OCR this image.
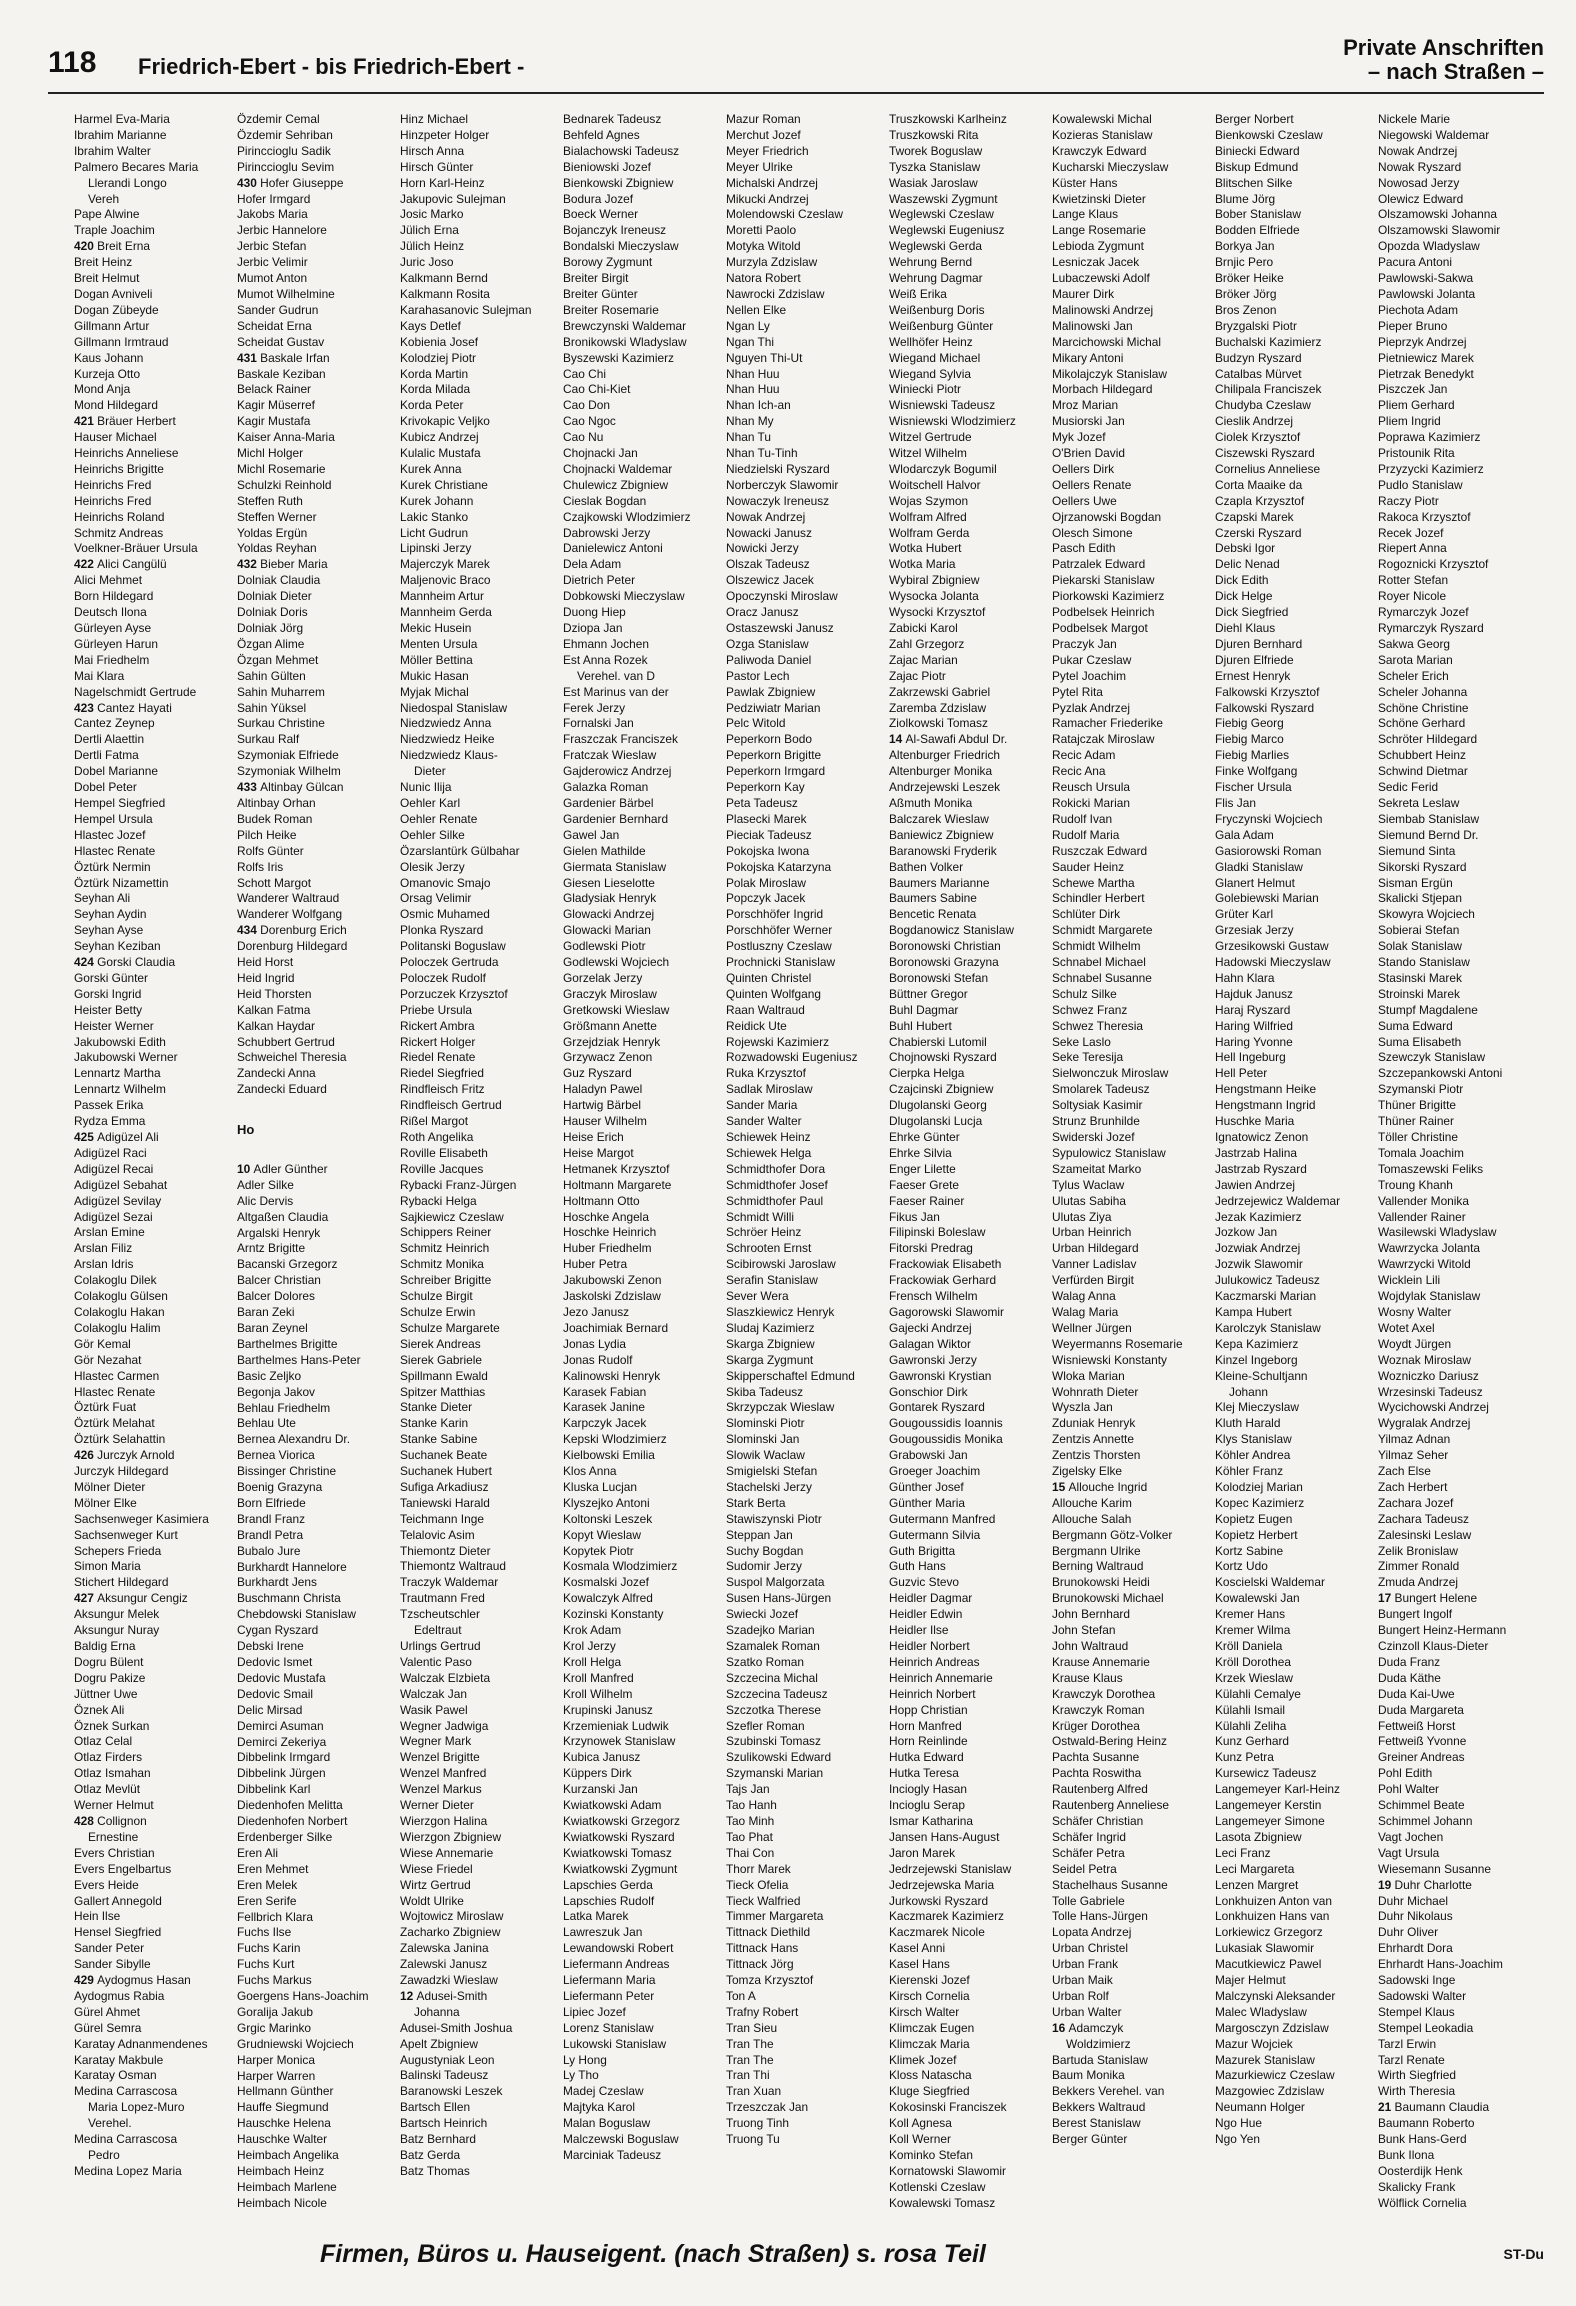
118 Friedrich-Ebert - bis Friedrich-Ebert -
Private Anschriften
– nach Straßen –
Harmel Eva-Maria
Ibrahim Marianne
Ibrahim Walter
Palmero Becares Maria
Llerandi Longo
Vereh
Pape Alwine
Traple Joachim
420 Breit Erna
Breit Heinz
Breit Helmut
Dogan Avniveli
Dogan Zübeyde
Gillmann Artur
Gillmann Irmtraud
Kaus Johann
Kurzeja Otto
Mond Anja
Mond Hildegard
421 Bräuer Herbert
Hauser Michael
Heinrichs Anneliese
Heinrichs Brigitte
Heinrichs Fred
Heinrichs Fred
Heinrichs Roland
Schmitz Andreas
Voelkner-Bräuer Ursula
422 Alici Cangülü
Alici Mehmet
Born Hildegard
Deutsch Ilona
Gürleyen Ayse
Gürleyen Harun
Mai Friedhelm
Mai Klara
Nagelschmidt Gertrude
423 Cantez Hayati
Cantez Zeynep
Dertli Alaettin
Dertli Fatma
Dobel Marianne
Dobel Peter
Hempel Siegfried
Hempel Ursula
Hlastec Jozef
Hlastec Renate
Öztürk Nermin
Öztürk Nizamettin
Seyhan Ali
Seyhan Aydin
Seyhan Ayse
Seyhan Keziban
424 Gorski Claudia
Gorski Günter
Gorski Ingrid
Heister Betty
Heister Werner
Jakubowski Edith
Jakubowski Werner
Lennartz Martha
Lennartz Wilhelm
Passek Erika
Rydza Emma
425 Adigüzel Ali
Adigüzel Raci
Adigüzel Recai
Adigüzel Sebahat
Adigüzel Sevilay
Adigüzel Sezai
Arslan Emine
Arslan Filiz
Arslan Idris
Colakoglu Dilek
Colakoglu Gülsen
Colakoglu Hakan
Colakoglu Halim
Gör Kemal
Gör Nezahat
Hlastec Carmen
Hlastec Renate
Öztürk Fuat
Öztürk Melahat
Öztürk Selahattin
426 Jurczyk Arnold
Jurczyk Hildegard
Mölner Dieter
Mölner Elke
Sachsenweger Kasimiera
Sachsenweger Kurt
Schepers Frieda
Simon Maria
Stichert Hildegard
427 Aksungur Cengiz
Aksungur Melek
Aksungur Nuray
Baldig Erna
Dogru Bülent
Dogru Pakize
Jüttner Uwe
Öznek Ali
Öznek Surkan
Otlaz Celal
Otlaz Firders
Otlaz Ismahan
Otlaz Mevlüt
Werner Helmut
428 Collignon
Ernestine
Evers Christian
Evers Engelbartus
Evers Heide
Gallert Annegold
Hein Ilse
Hensel Siegfried
Sander Peter
Sander Sibylle
429 Aydogmus Hasan
Aydogmus Rabia
Gürel Ahmet
Gürel Semra
Karatay Adnanmendenes
Karatay Makbule
Karatay Osman
Medina Carrascosa
Maria Lopez-Muro
Verehel.
Medina Carrascosa
Pedro
Medina Lopez Maria
Özdemir Cemal
Özdemir Sehriban
Pirinccioglu Sadik
Pirinccioglu Sevim
430 Hofer Giuseppe
Hofer Irmgard
Jakobs Maria
Jerbic Hannelore
Jerbic Stefan
Jerbic Velimir
Mumot Anton
Mumot Wilhelmine
Sander Gudrun
Scheidat Erna
Scheidat Gustav
431 Baskale Irfan
Baskale Keziban
Belack Rainer
Kagir Müserref
Kagir Mustafa
Kaiser Anna-Maria
Michl Holger
Michl Rosemarie
Schulzki Reinhold
Steffen Ruth
Steffen Werner
Yoldas Ergün
Yoldas Reyhan
432 Bieber Maria
Dolniak Claudia
Dolniak Dieter
Dolniak Doris
Dolniak Jörg
Özgan Alime
Özgan Mehmet
Sahin Gülten
Sahin Muharrem
Sahin Yüksel
Surkau Christine
Surkau Ralf
Szymoniak Elfriede
Szymoniak Wilhelm
433 Altinbay Gülcan
Altinbay Orhan
Budek Roman
Pilch Heike
Rolfs Günter
Rolfs Iris
Schott Margot
Wanderer Waltraud
Wanderer Wolfgang
434 Dorenburg Erich
Dorenburg Hildegard
Heid Horst
Heid Ingrid
Heid Thorsten
Kalkan Fatma
Kalkan Haydar
Schubbert Gertrud
Schweichel Theresia
Zandecki Anna
Zandecki Eduard

Ho

10 Adler Günther
Adler Silke
Alic Dervis
Altgaßen Claudia
Argalski Henryk
Arntz Brigitte
Bacanski Grzegorz
Balcer Christian
Balcer Dolores
Baran Zeki
Baran Zeynel
Barthelmes Brigitte
Barthelmes Hans-Peter
Basic Zeljko
Begonja Jakov
Behlau Friedhelm
Behlau Ute
Bernea Alexandru Dr.
Bernea Viorica
Bissinger Christine
Boenig Grazyna
Born Elfriede
Brandl Franz
Brandl Petra
Bubalo Jure
Burkhardt Hannelore
Burkhardt Jens
Buschmann Christa
Chebdowski Stanislaw
Cygan Ryszard
Debski Irene
Dedovic Ismet
Dedovic Mustafa
Dedovic Smail
Delic Mirsad
Demirci Asuman
Demirci Zekeriya
Dibbelink Irmgard
Dibbelink Jürgen
Dibbelink Karl
Diedenhofen Melitta
Diedenhofen Norbert
Erdenberger Silke
Eren Ali
Eren Mehmet
Eren Melek
Eren Serife
Fellbrich Klara
Fuchs Ilse
Fuchs Karin
Fuchs Kurt
Fuchs Markus
Goergens Hans-Joachim
Goralija Jakub
Grgic Marinko
Grudniewski Wojciech
Harper Monica
Harper Warren
Hellmann Günther
Hauffe Siegmund
Hauschke Helena
Hauschke Walter
Heimbach Angelika
Heimbach Heinz
Heimbach Marlene
Heimbach Nicole
Hinz Michael
Hinzpeter Holger
Hirsch Anna
Hirsch Günter
Horn Karl-Heinz
Jakupovic Sulejman
Josic Marko
Jülich Erna
Jülich Heinz
Juric Joso
Kalkmann Bernd
Kalkmann Rosita
Karahasanovic Sulejman
Kays Detlef
Kobienia Josef
Kolodziej Piotr
Korda Martin
Korda Milada
Korda Peter
Krivokapic Veljko
Kubicz Andrzej
Kulalic Mustafa
Kurek Anna
Kurek Christiane
Kurek Johann
Lakic Stanko
Licht Gudrun
Lipinski Jerzy
Majerczyk Marek
Maljenovic Braco
Mannheim Artur
Mannheim Gerda
Mekic Husein
Menten Ursula
Möller Bettina
Mukic Hasan
Myjak Michal
Niedospal Stanislaw
Niedzwiedz Anna
Niedzwiedz Heike
Niedzwiedz Klaus-
Dieter
Nunic Ilija
Oehler Karl
Oehler Renate
Oehler Silke
Özarslantürk Gülbahar
Olesik Jerzy
Omanovic Smajo
Orsag Velimir
Osmic Muhamed
Plonka Ryszard
Politanski Boguslaw
Poloczek Gertruda
Poloczek Rudolf
Porzuczek Krzysztof
Priebe Ursula
Rickert Ambra
Rickert Holger
Riedel Renate
Riedel Siegfried
Rindfleisch Fritz
Rindfleisch Gertrud
Rißel Margot
Roth Angelika
Roville Elisabeth
Roville Jacques
Rybacki Franz-Jürgen
Rybacki Helga
Sajkiewicz Czeslaw
Schippers Reiner
Schmitz Heinrich
Schmitz Monika
Schreiber Brigitte
Schulze Birgit
Schulze Erwin
Schulze Margarete
Sierek Andreas
Sierek Gabriele
Spillmann Ewald
Spitzer Matthias
Stanke Dieter
Stanke Karin
Stanke Sabine
Suchanek Beate
Suchanek Hubert
Sufiga Arkadiusz
Taniewski Harald
Teichmann Inge
Telalovic Asim
Thiemontz Dieter
Thiemontz Waltraud
Traczyk Waldemar
Trautmann Fred
Tzscheutschler
Edeltraut
Urlings Gertrud
Valentic Paso
Walczak Elzbieta
Walczak Jan
Wasik Pawel
Wegner Jadwiga
Wegner Mark
Wenzel Brigitte
Wenzel Manfred
Wenzel Markus
Werner Dieter
Wierzgon Halina
Wierzgon Zbigniew
Wiese Annemarie
Wiese Friedel
Wirtz Gertrud
Woldt Ulrike
Wojtowicz Miroslaw
Zacharko Zbigniew
Zalewska Janina
Zalewski Janusz
Zawadzki Wieslaw
12 Adusei-Smith
Johanna
Adusei-Smith Joshua
Apelt Zbigniew
Augustyniak Leon
Balinski Tadeusz
Baranowski Leszek
Bartsch Ellen
Bartsch Heinrich
Batz Bernhard
Batz Gerda
Batz Thomas
Bednarek Tadeusz
Behfeld Agnes
Bialachowski Tadeusz
Bieniowski Jozef
Bienkowski Zbigniew
Bodura Jozef
Boeck Werner
Bojanczyk Ireneusz
Bondalski Mieczyslaw
Borowy Zygmunt
Breiter Birgit
Breiter Günter
Breiter Rosemarie
Brewczynski Waldemar
Bronikowski Wladyslaw
Byszewski Kazimierz
Cao Chi
Cao Chi-Kiet
Cao Don
Cao Ngoc
Cao Nu
Chojnacki Jan
Chojnacki Waldemar
Chulewicz Zbigniew
Cieslak Bogdan
Czajkowski Wlodzimierz
Dabrowski Jerzy
Danielewicz Antoni
Dela Adam
Dietrich Peter
Dobkowski Mieczyslaw
Duong Hiep
Dziopa Jan
Ehmann Jochen
Est Anna Rozek
Verehel. van D
Est Marinus van der
Ferek Jerzy
Fornalski Jan
Fraszczak Franciszek
Fratczak Wieslaw
Gajderowicz Andrzej
Galazka Roman
Gardenier Bärbel
Gardenier Bernhard
Gawel Jan
Gielen Mathilde
Giermata Stanislaw
Giesen Lieselotte
Gladysiak Henryk
Glowacki Andrzej
Glowacki Marian
Godlewski Piotr
Godlewski Wojciech
Gorzelak Jerzy
Graczyk Miroslaw
Gretkowski Wieslaw
Größmann Anette
Grzejdziak Henryk
Grzywacz Zenon
Guz Ryszard
Haladyn Pawel
Hartwig Bärbel
Hauser Wilhelm
Heise Erich
Heise Margot
Hetmanek Krzysztof
Holtmann Margarete
Holtmann Otto
Hoschke Angela
Hoschke Heinrich
Huber Friedhelm
Huber Petra
Jakubowski Zenon
Jaskolski Zdzislaw
Jezo Janusz
Joachimiak Bernard
Jonas Lydia
Jonas Rudolf
Kalinowski Henryk
Karasek Fabian
Karasek Janine
Karpczyk Jacek
Kepski Wlodzimierz
Kielbowski Emilia
Klos Anna
Kluska Lucjan
Klyszejko Antoni
Koltonski Leszek
Kopyt Wieslaw
Kopytek Piotr
Kosmala Wlodzimierz
Kosmalski Jozef
Kowalczyk Alfred
Kozinski Konstanty
Krok Adam
Krol Jerzy
Kroll Helga
Kroll Manfred
Kroll Wilhelm
Krupinski Janusz
Krzemieniak Ludwik
Krzynowek Stanislaw
Kubica Janusz
Küppers Dirk
Kurzanski Jan
Kwiatkowski Adam
Kwiatkowski Grzegorz
Kwiatkowski Ryszard
Kwiatkowski Tomasz
Kwiatkowski Zygmunt
Lapschies Gerda
Lapschies Rudolf
Latka Marek
Lawreszuk Jan
Lewandowski Robert
Liefermann Andreas
Liefermann Maria
Liefermann Peter
Lipiec Jozef
Lorenz Stanislaw
Lukowski Stanislaw
Ly Hong
Ly Tho
Madej Czeslaw
Majtyka Karol
Malan Boguslaw
Malczewski Boguslaw
Marciniak Tadeusz
Mazur Roman
Merchut Jozef
Meyer Friedrich
Meyer Ulrike
Michalski Andrzej
Mikucki Andrzej
Molendowski Czeslaw
Moretti Paolo
Motyka Witold
Murzyla Zdzislaw
Natora Robert
Nawrocki Zdzislaw
Nellen Elke
Ngan Ly
Ngan Thi
Nguyen Thi-Ut
Nhan Huu
Nhan Huu
Nhan Ich-an
Nhan My
Nhan Tu
Nhan Tu-Tinh
Niedzielski Ryszard
Norberczyk Slawomir
Nowaczyk Ireneusz
Nowak Andrzej
Nowacki Janusz
Nowicki Jerzy
Olszak Tadeusz
Olszewicz Jacek
Opoczynski Miroslaw
Oracz Janusz
Ostaszewski Janusz
Ozga Stanislaw
Paliwoda Daniel
Pastor Lech
Pawlak Zbigniew
Pedziwiatr Marian
Pelc Witold
Peperkorn Bodo
Peperkorn Brigitte
Peperkorn Irmgard
Peperkorn Kay
Peta Tadeusz
Plasecki Marek
Pieciak Tadeusz
Pokojska Iwona
Pokojska Katarzyna
Polak Miroslaw
Popczyk Jacek
Porschhöfer Ingrid
Porschhöfer Werner
Postluszny Czeslaw
Prochnicki Stanislaw
Quinten Christel
Quinten Wolfgang
Raan Waltraud
Reidick Ute
Rojewski Kazimierz
Rozwadowski Eugeniusz
Ruka Krzysztof
Sadlak Miroslaw
Sander Maria
Sander Walter
Schiewek Heinz
Schiewek Helga
Schmidthofer Dora
Schmidthofer Josef
Schmidthofer Paul
Schmidt Willi
Schröer Heinz
Schrooten Ernst
Scibirowski Jaroslaw
Serafin Stanislaw
Sever Wera
Slaszkiewicz Henryk
Sludaj Kazimierz
Skarga Zbigniew
Skarga Zygmunt
Skipperschaftel Edmund
Skiba Tadeusz
Skrzypczak Wieslaw
Slominski Piotr
Slominski Jan
Slowik Waclaw
Smigielski Stefan
Stachelski Jerzy
Stark Berta
Stawiszynski Piotr
Steppan Jan
Suchy Bogdan
Sudomir Jerzy
Suspol Malgorzata
Susen Hans-Jürgen
Swiecki Jozef
Szadejko Marian
Szamalek Roman
Szatko Roman
Szczecina Michal
Szczecina Tadeusz
Szczotka Therese
Szefler Roman
Szubinski Tomasz
Szulikowski Edward
Szymanski Marian
Tajs Jan
Tao Hanh
Tao Minh
Tao Phat
Thai Con
Thorr Marek
Tieck Ofelia
Tieck Walfried
Timmer Margareta
Tittnack Diethild
Tittnack Hans
Tittnack Jörg
Tomza Krzysztof
Ton A
Trafny Robert
Tran Sieu
Tran The
Tran The
Tran Thi
Tran Xuan
Trzeszczak Jan
Truong Tinh
Truong Tu
Truszkowski Karlheinz
Truszkowski Rita
Tworek Boguslaw
Tyszka Stanislaw
Wasiak Jaroslaw
Waszewski Zygmunt
Weglewski Czeslaw
Weglewski Eugeniusz
Weglewski Gerda
Wehrung Bernd
Wehrung Dagmar
Weiß Erika
Weißenburg Doris
Weißenburg Günter
Wellhöfer Heinz
Wiegand Michael
Wiegand Sylvia
Winiecki Piotr
Wisniewski Tadeusz
Wisniewski Wlodzimierz
Witzel Gertrude
Witzel Wilhelm
Wlodarczyk Bogumil
Woitschell Halvor
Wojas Szymon
Wolfram Alfred
Wolfram Gerda
Wotka Hubert
Wotka Maria
Wybiral Zbigniew
Wysocka Jolanta
Wysocki Krzysztof
Zabicki Karol
Zahl Grzegorz
Zajac Marian
Zajac Piotr
Zakrzewski Gabriel
Zaremba Zdzislaw
Ziolkowski Tomasz
14 Al-Sawafi Abdul Dr.
Altenburger Friedrich
Altenburger Monika
Andrzejewski Leszek
Aßmuth Monika
Balczarek Wieslaw
Baniewicz Zbigniew
Baranowski Fryderik
Bathen Volker
Baumers Marianne
Baumers Sabine
Bencetic Renata
Bogdanowicz Stanislaw
Boronowski Christian
Boronowski Grazyna
Boronowski Stefan
Büttner Gregor
Buhl Dagmar
Buhl Hubert
Chabierski Lutomil
Chojnowski Ryszard
Cierpka Helga
Czajcinski Zbigniew
Dlugolanski Georg
Dlugolanski Lucja
Ehrke Günter
Ehrke Silvia
Enger Lilette
Faeser Grete
Faeser Rainer
Fikus Jan
Filipinski Boleslaw
Fitorski Predrag
Frackowiak Elisabeth
Frackowiak Gerhard
Frensch Wilhelm
Gagorowski Slawomir
Gajecki Andrzej
Galagan Wiktor
Gawronski Jerzy
Gawronski Krystian
Gonschior Dirk
Gontarek Ryszard
Gougoussidis Ioannis
Gougoussidis Monika
Grabowski Jan
Groeger Joachim
Günther Josef
Günther Maria
Gutermann Manfred
Gutermann Silvia
Guth Brigitta
Guth Hans
Guzvic Stevo
Heidler Dagmar
Heidler Edwin
Heidler Ilse
Heidler Norbert
Heinrich Andreas
Heinrich Annemarie
Heinrich Norbert
Hopp Christian
Horn Manfred
Horn Reinlinde
Hutka Edward
Hutka Teresa
Inciogly Hasan
Incioglu Serap
Ismar Katharina
Jansen Hans-August
Jaron Marek
Jedrzejewski Stanislaw
Jedrzejewska Maria
Jurkowski Ryszard
Kaczmarek Kazimierz
Kaczmarek Nicole
Kasel Anni
Kasel Hans
Kierenski Jozef
Kirsch Cornelia
Kirsch Walter
Klimczak Eugen
Klimczak Maria
Klimek Jozef
Kloss Natascha
Kluge Siegfried
Kokosinski Franciszek
Koll Agnesa
Koll Werner
Kominko Stefan
Kornatowski Slawomir
Kotlenski Czeslaw
Kowalewski Tomasz
Kowalewski Michal
Kozieras Stanislaw
Krawczyk Edward
Kucharski Mieczyslaw
Küster Hans
Kwietzinski Dieter
Lange Klaus
Lange Rosemarie
Lebioda Zygmunt
Lesniczak Jacek
Lubaczewski Adolf
Maurer Dirk
Malinowski Andrzej
Malinowski Jan
Marcichowski Michal
Mikary Antoni
Mikolajczyk Stanislaw
Morbach Hildegard
Mroz Marian
Musiorski Jan
Myk Jozef
O'Brien David
Oellers Dirk
Oellers Renate
Oellers Uwe
Ojrzanowski Bogdan
Olesch Simone
Pasch Edith
Patrzalek Edward
Piekarski Stanislaw
Piorkowski Kazimierz
Podbelsek Heinrich
Podbelsek Margot
Praczyk Jan
Pukar Czeslaw
Pytel Joachim
Pytel Rita
Pyzlak Andrzej
Ramacher Friederike
Ratajczak Miroslaw
Recic Adam
Recic Ana
Reusch Ursula
Rokicki Marian
Rudolf Ivan
Rudolf Maria
Ruszczak Edward
Sauder Heinz
Schewe Martha
Schindler Herbert
Schlüter Dirk
Schmidt Margarete
Schmidt Wilhelm
Schnabel Michael
Schnabel Susanne
Schulz Silke
Schwez Franz
Schwez Theresia
Seke Laslo
Seke Teresija
Sielwonczuk Miroslaw
Smolarek Tadeusz
Soltysiak Kasimir
Strunz Brunhilde
Swiderski Jozef
Sypulowicz Stanislaw
Szameitat Marko
Tylus Waclaw
Ulutas Sabiha
Ulutas Ziya
Urban Heinrich
Urban Hildegard
Vanner Ladislav
Verfürden Birgit
Walag Anna
Walag Maria
Wellner Jürgen
Weyermanns Rosemarie
Wisniewski Konstanty
Wloka Marian
Wohnrath Dieter
Wyszla Jan
Zduniak Henryk
Zentzis Annette
Zentzis Thorsten
Zigelsky Elke
15 Allouche Ingrid
Allouche Karim
Allouche Salah
Bergmann Götz-Volker
Bergmann Ulrike
Berning Waltraud
Brunokowski Heidi
Brunokowski Michael
John Bernhard
John Stefan
John Waltraud
Krause Annemarie
Krause Klaus
Krawczyk Dorothea
Krawczyk Roman
Krüger Dorothea
Ostwald-Bering Heinz
Pachta Susanne
Pachta Roswitha
Rautenberg Alfred
Rautenberg Anneliese
Schäfer Christian
Schäfer Ingrid
Schäfer Petra
Seidel Petra
Stachelhaus Susanne
Tolle Gabriele
Tolle Hans-Jürgen
Lopata Andrzej
Urban Christel
Urban Frank
Urban Maik
Urban Rolf
Urban Walter
16 Adamczyk
Woldzimierz
Bartuda Stanislaw
Baum Monika
Bekkers Verehel. van
Bekkers Waltraud
Berest Stanislaw
Berger Günter
Berger Norbert
Bienkowski Czeslaw
Biniecki Edward
Biskup Edmund
Blitschen Silke
Blume Jörg
Bober Stanislaw
Bodden Elfriede
Borkya Jan
Brnjic Pero
Bröker Heike
Bröker Jörg
Bros Zenon
Bryzgalski Piotr
Buchalski Kazimierz
Budzyn Ryszard
Catalbas Mürvet
Chilipala Franciszek
Chudyba Czeslaw
Cieslik Andrzej
Ciolek Krzysztof
Ciszewski Ryszard
Cornelius Anneliese
Corta Maaike da
Czapla Krzysztof
Czapski Marek
Czerski Ryszard
Debski Igor
Delic Nenad
Dick Edith
Dick Helge
Dick Siegfried
Diehl Klaus
Djuren Bernhard
Djuren Elfriede
Ernest Henryk
Falkowski Krzysztof
Falkowski Ryszard
Fiebig Georg
Fiebig Marco
Fiebig Marlies
Finke Wolfgang
Fischer Ursula
Flis Jan
Fryczynski Wojciech
Gala Adam
Gasiorowski Roman
Gladki Stanislaw
Glanert Helmut
Golebiewski Marian
Grüter Karl
Grzesiak Jerzy
Grzesikowski Gustaw
Hadowski Mieczyslaw
Hahn Klara
Hajduk Janusz
Haraj Ryszard
Haring Wilfried
Haring Yvonne
Hell Ingeburg
Hell Peter
Hengstmann Heike
Hengstmann Ingrid
Huschke Maria
Ignatowicz Zenon
Jastrzab Halina
Jastrzab Ryszard
Jawien Andrzej
Jedrzejewicz Waldemar
Jezak Kazimierz
Jozkow Jan
Jozwiak Andrzej
Jozwik Slawomir
Julukowicz Tadeusz
Kaczmarski Marian
Kampa Hubert
Karolczyk Stanislaw
Kepa Kazimierz
Kinzel Ingeborg
Kleine-Schultjann
Johann
Klej Mieczyslaw
Kluth Harald
Klys Stanislaw
Köhler Andrea
Köhler Franz
Kolodziej Marian
Kopec Kazimierz
Kopietz Eugen
Kopietz Herbert
Kortz Sabine
Kortz Udo
Koscielski Waldemar
Kowalewski Jan
Kremer Hans
Kremer Wilma
Kröll Daniela
Kröll Dorothea
Krzek Wieslaw
Külahli Cemalye
Külahli Ismail
Külahli Zeliha
Kunz Gerhard
Kunz Petra
Kursewicz Tadeusz
Langemeyer Karl-Heinz
Langemeyer Kerstin
Langemeyer Simone
Lasota Zbigniew
Leci Franz
Leci Margareta
Lenzen Margret
Lonkhuizen Anton van
Lonkhuizen Hans van
Lorkiewicz Grzegorz
Lukasiak Slawomir
Macutkiewicz Pawel
Majer Helmut
Malczynski Aleksander
Malec Wladyslaw
Margosczyn Zdzislaw
Mazur Wojciek
Mazurek Stanislaw
Mazurkiewicz Czeslaw
Mazgowiec Zdzislaw
Neumann Holger
Ngo Hue
Ngo Yen
Nickele Marie
Niegowski Waldemar
Nowak Andrzej
Nowak Ryszard
Nowosad Jerzy
Olewicz Edward
Olszamowski Johanna
Olszamowski Slawomir
Opozda Wladyslaw
Pacura Antoni
Pawlowski-Sakwa
Pawlowski Jolanta
Piechota Adam
Pieper Bruno
Pieprzyk Andrzej
Pietniewicz Marek
Pietrzak Benedykt
Piszczek Jan
Pliem Gerhard
Pliem Ingrid
Poprawa Kazimierz
Pristounik Rita
Przyzycki Kazimierz
Pudlo Stanislaw
Raczy Piotr
Rakoca Krzysztof
Recek Jozef
Riepert Anna
Rogoznicki Krzysztof
Rotter Stefan
Royer Nicole
Rymarczyk Jozef
Rymarczyk Ryszard
Sakwa Georg
Sarota Marian
Scheler Erich
Scheler Johanna
Schöne Christine
Schöne Gerhard
Schröter Hildegard
Schubbert Heinz
Schwind Dietmar
Sedic Ferid
Sekreta Leslaw
Siembab Stanislaw
Siemund Bernd Dr.
Siemund Sinta
Sikorski Ryszard
Sisman Ergün
Skalicki Stjepan
Skowyra Wojciech
Sobierai Stefan
Solak Stanislaw
Stando Stanislaw
Stasinski Marek
Stroinski Marek
Stumpf Magdalene
Suma Edward
Suma Elisabeth
Szewczyk Stanislaw
Szczepankowski Antoni
Szymanski Piotr
Thüner Brigitte
Thüner Rainer
Töller Christine
Tomala Joachim
Tomaszewski Feliks
Troung Khanh
Vallender Monika
Vallender Rainer
Wasilewski Wladyslaw
Wawrzycka Jolanta
Wawrzycki Witold
Wicklein Lili
Wojdylak Stanislaw
Wosny Walter
Wotet Axel
Woydt Jürgen
Woznak Miroslaw
Wozniczko Dariusz
Wrzesinski Tadeusz
Wycichowski Andrzej
Wygralak Andrzej
Yilmaz Adnan
Yilmaz Seher
Zach Else
Zach Herbert
Zachara Jozef
Zachara Tadeusz
Zalesinski Leslaw
Zelik Bronislaw
Zimmer Ronald
Zmuda Andrzej
17 Bungert Helene
Bungert Ingolf
Bungert Heinz-Hermann
Czinzoll Klaus-Dieter
Duda Franz
Duda Käthe
Duda Kai-Uwe
Duda Margareta
Fettweiß Horst
Fettweiß Yvonne
Greiner Andreas
Pohl Edith
Pohl Walter
Schimmel Beate
Schimmel Johann
Vagt Jochen
Vagt Ursula
Wiesemann Susanne
19 Duhr Charlotte
Duhr Michael
Duhr Nikolaus
Duhr Oliver
Ehrhardt Dora
Ehrhardt Hans-Joachim
Sadowski Inge
Sadowski Walter
Stempel Klaus
Stempel Leokadia
Tarzl Erwin
Tarzl Renate
Wirth Siegfried
Wirth Theresia
21 Baumann Claudia
Baumann Roberto
Bunk Hans-Gerd
Bunk Ilona
Oosterdijk Henk
Skalicky Frank
Wölflick Cornelia
Firmen, Büros u. Hauseigent. (nach Straßen) s. rosa Teil	ST-Du
